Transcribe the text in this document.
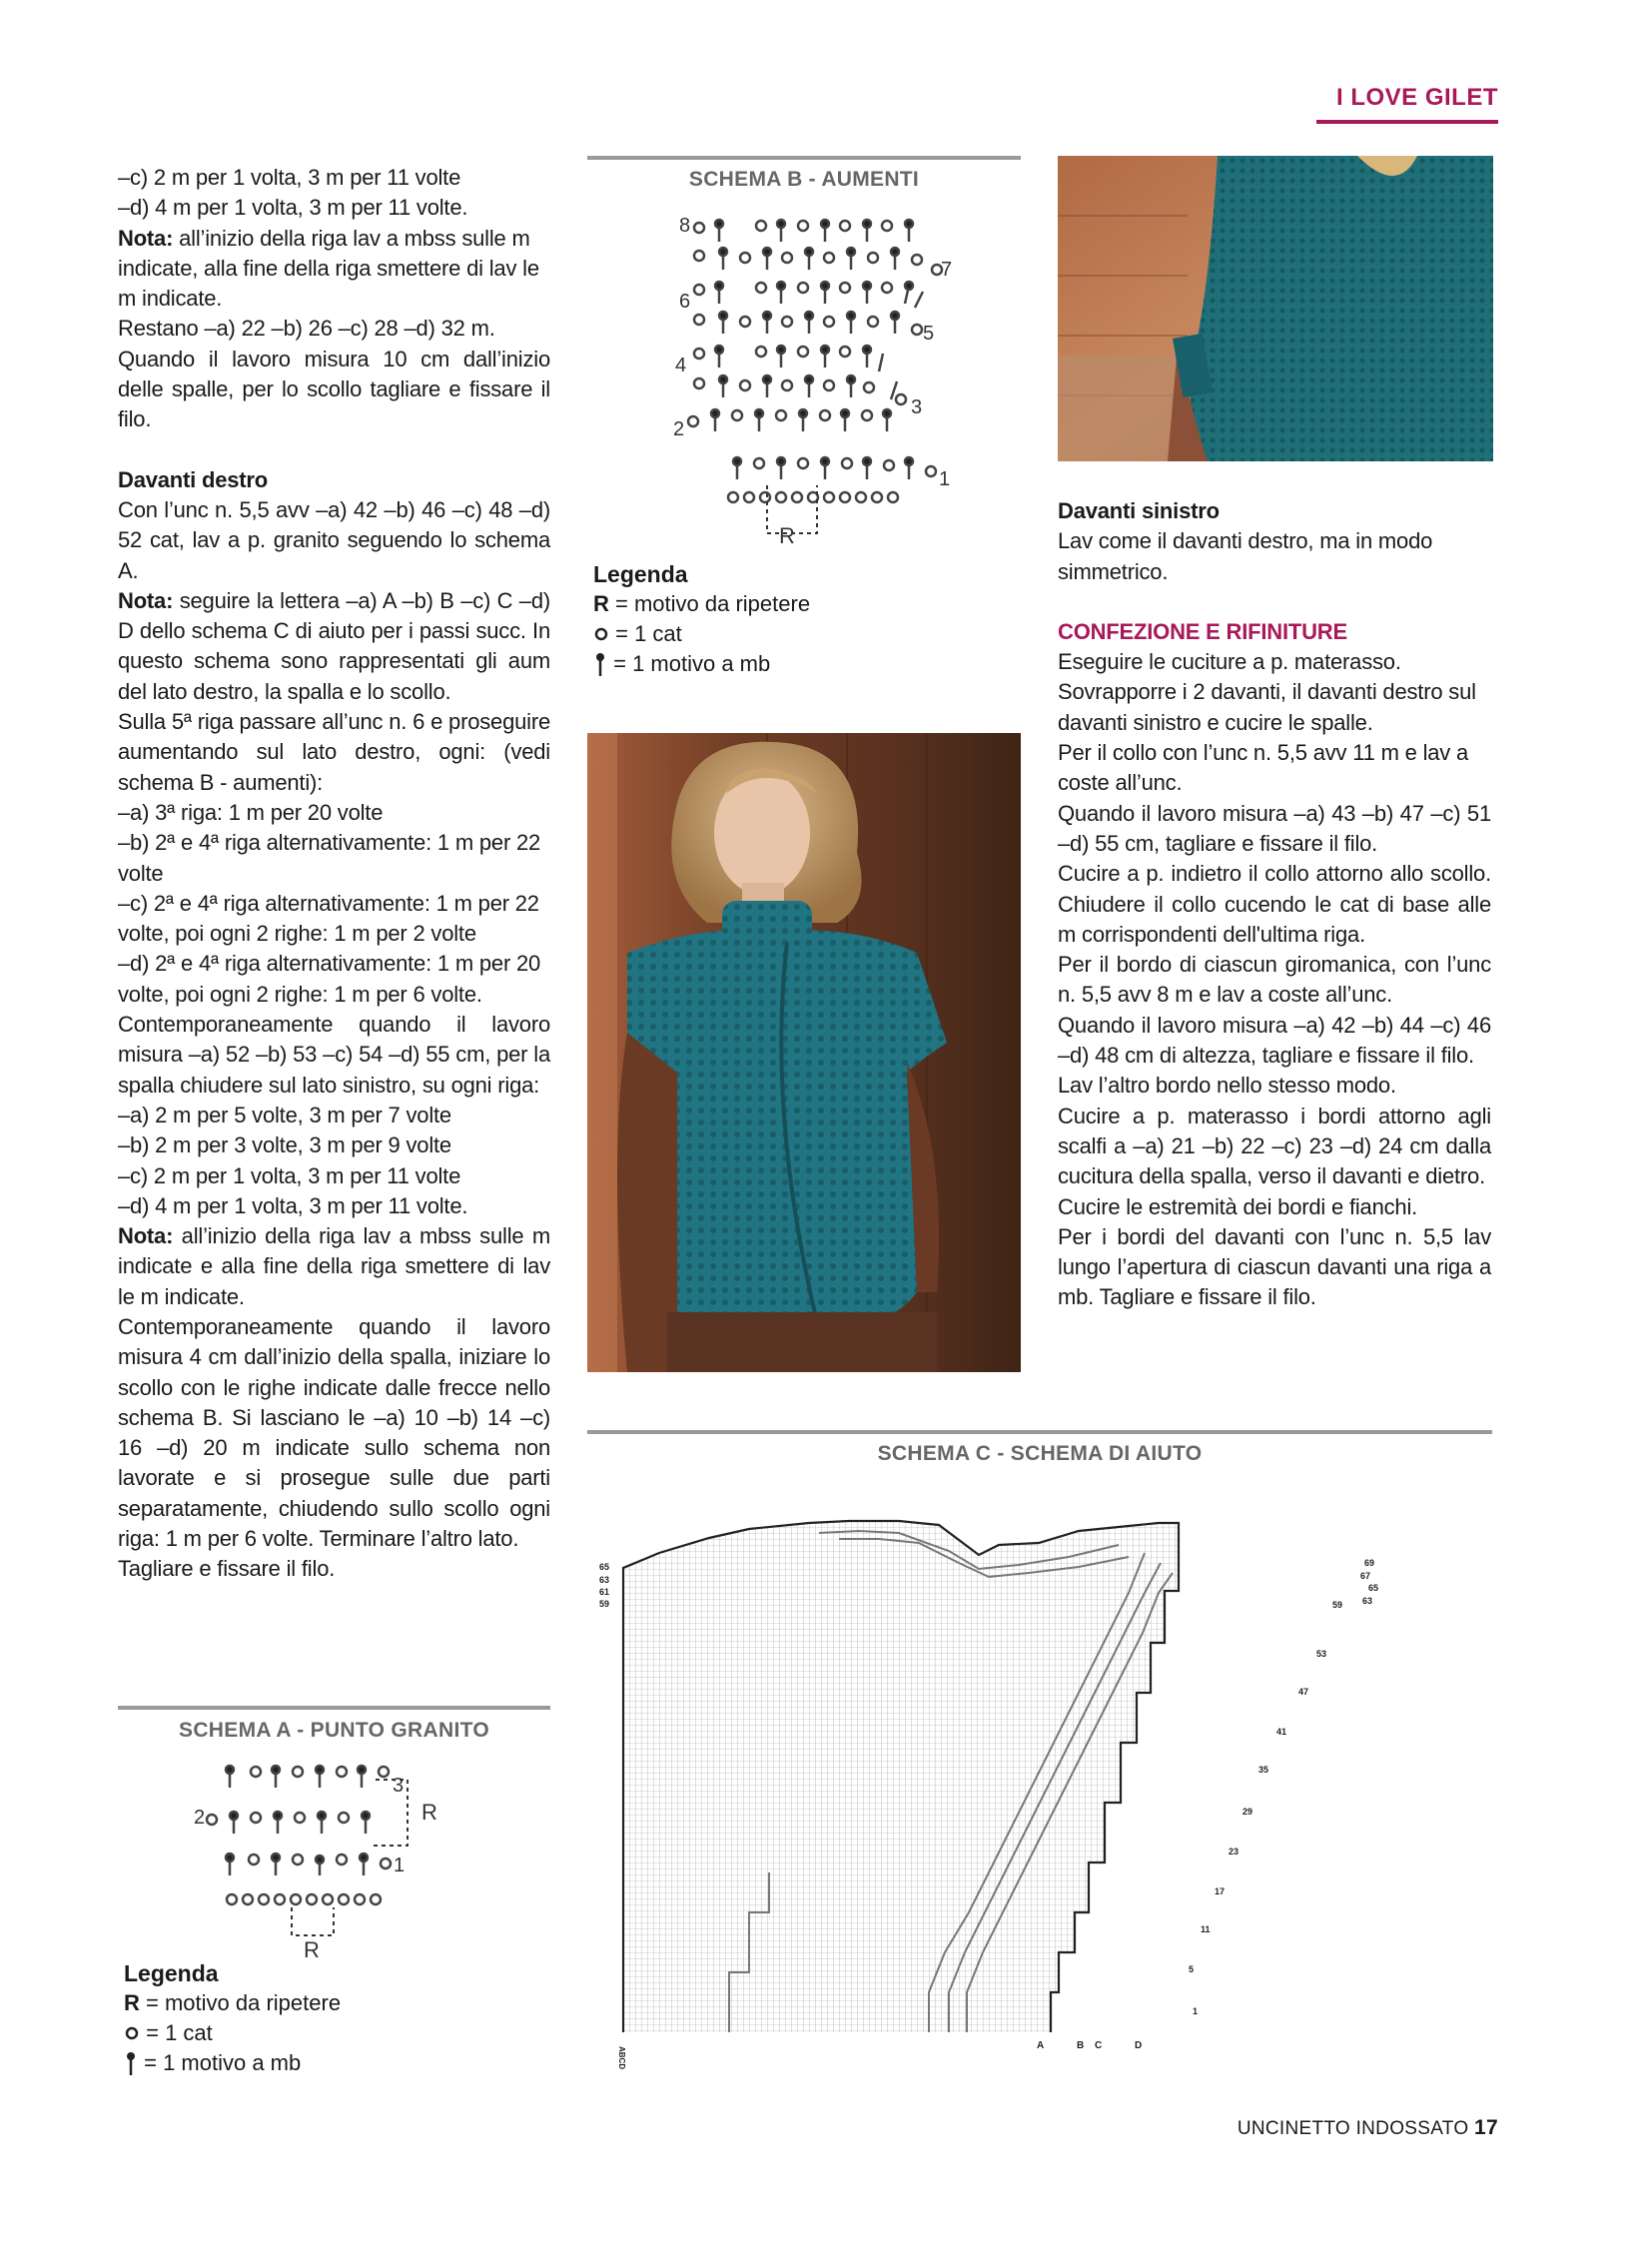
I LOVE GILET

–c) 2 m per 1 volta, 3 m per 11 volte

–d) 4 m per 1 volta, 3 m per 11 volte.

Nota: all’inizio della riga lav a mbss sulle m indicate, alla fine della riga smettere di lav le m indicate.

Restano –a) 22 –b) 26 –c) 28 –d) 32 m.

Quando il lavoro misura 10 cm dall’inizio delle spalle, per lo scollo tagliare e fissare il filo.

Davanti destro

Con l’unc n. 5,5 avv –a) 42 –b) 46 –c) 48 –d) 52 cat, lav a p. granito seguendo lo schema A.

Nota: seguire la lettera –a) A –b) B –c) C –d) D dello schema C di aiuto per i passi succ. In questo schema sono rappresentati gli aum del lato destro, la spalla e lo scollo.

Sulla 5ª riga passare all’unc n. 6 e proseguire aumentando sul lato destro, ogni: (vedi schema B - aumenti):

–a) 3ª riga: 1 m per 20 volte

–b) 2ª e 4ª riga alternativamente: 1 m per 22 volte

–c) 2ª e 4ª riga alternativamente: 1 m per 22 volte, poi ogni 2 righe: 1 m per 2 volte

–d) 2ª e 4ª riga alternativamente: 1 m per 20 volte, poi ogni 2 righe: 1 m per 6 volte.

Contemporaneamente quando il lavoro misura –a) 52 –b) 53 –c) 54 –d) 55 cm, per la spalla chiudere sul lato sinistro, su ogni riga:

–a) 2 m per 5 volte, 3 m per 7 volte

–b) 2 m per 3 volte, 3 m per 9 volte

–c) 2 m per 1 volta, 3 m per 11 volte

–d) 4 m per 1 volta, 3 m per 11 volte.

Nota: all’inizio della riga lav a mbss sulle m indicate e alla fine della riga smettere di lav le m indicate.

Contemporaneamente quando il lavoro misura 4 cm dall’inizio della spalla, iniziare lo scollo con le righe indicate dalle frecce nello schema B. Si lasciano le –a) 10 –b) 14 –c) 16 –d) 20 m indicate sullo schema non lavorate e si prosegue sulle due parti separatamente, chiudendo sullo scollo ogni riga: 1 m per 6 volte. Terminare l’altro lato.

Tagliare e fissare il filo.

SCHEMA A - PUNTO GRANITO
3
2
1
R
R
Legenda
R = motivo da ripetere
= 1 cat
= 1 motivo a mb
SCHEMA B - AUMENTI
8
7
6
5
4
3
2
1
R
Legenda
R = motivo da ripetere
= 1 cat
= 1 motivo a mb

Davanti sinistro

Lav come il davanti destro, ma in modo simmetrico.

CONFEZIONE E RIFINITURE

Eseguire le cuciture a p. materasso.

Sovrapporre i 2 davanti, il davanti destro sul davanti sinistro e cucire le spalle.

Per il collo con l’unc n. 5,5 avv 11 m e lav a coste all’unc.

Quando il lavoro misura –a) 43 –b) 47 –c) 51 –d) 55 cm, tagliare e fissare il filo.

Cucire a p. indietro il collo attorno allo scollo. Chiudere il collo cucendo le cat di base alle m corrispondenti dell'ultima riga.

Per il bordo di ciascun giromanica, con l’unc n. 5,5 avv 8 m e lav a coste all’unc.

Quando il lavoro misura –a) 42 –b) 44 –c) 46 –d) 48 cm di altezza, tagliare e fissare il filo.

Lav l’altro bordo nello stesso modo.

Cucire a p. materasso i bordi attorno agli scalfi a –a) 21 –b) 22 –c) 23 –d) 24 cm dalla cucitura della spalla, verso il davanti e dietro.

Cucire le estremità dei bordi e fianchi.

Per i bordi del davanti con l’unc n. 5,5 lav lungo l’apertura di ciascun davanti una riga a mb. Tagliare e fissare il filo.

SCHEMA C - SCHEMA DI AIUTO
65
63
61
59
69
67
65
63
59
53
47
41
35
29
23
17
11
5
1
A	B C	D
ABCD
UNCINETTO INDOSSATO 17
